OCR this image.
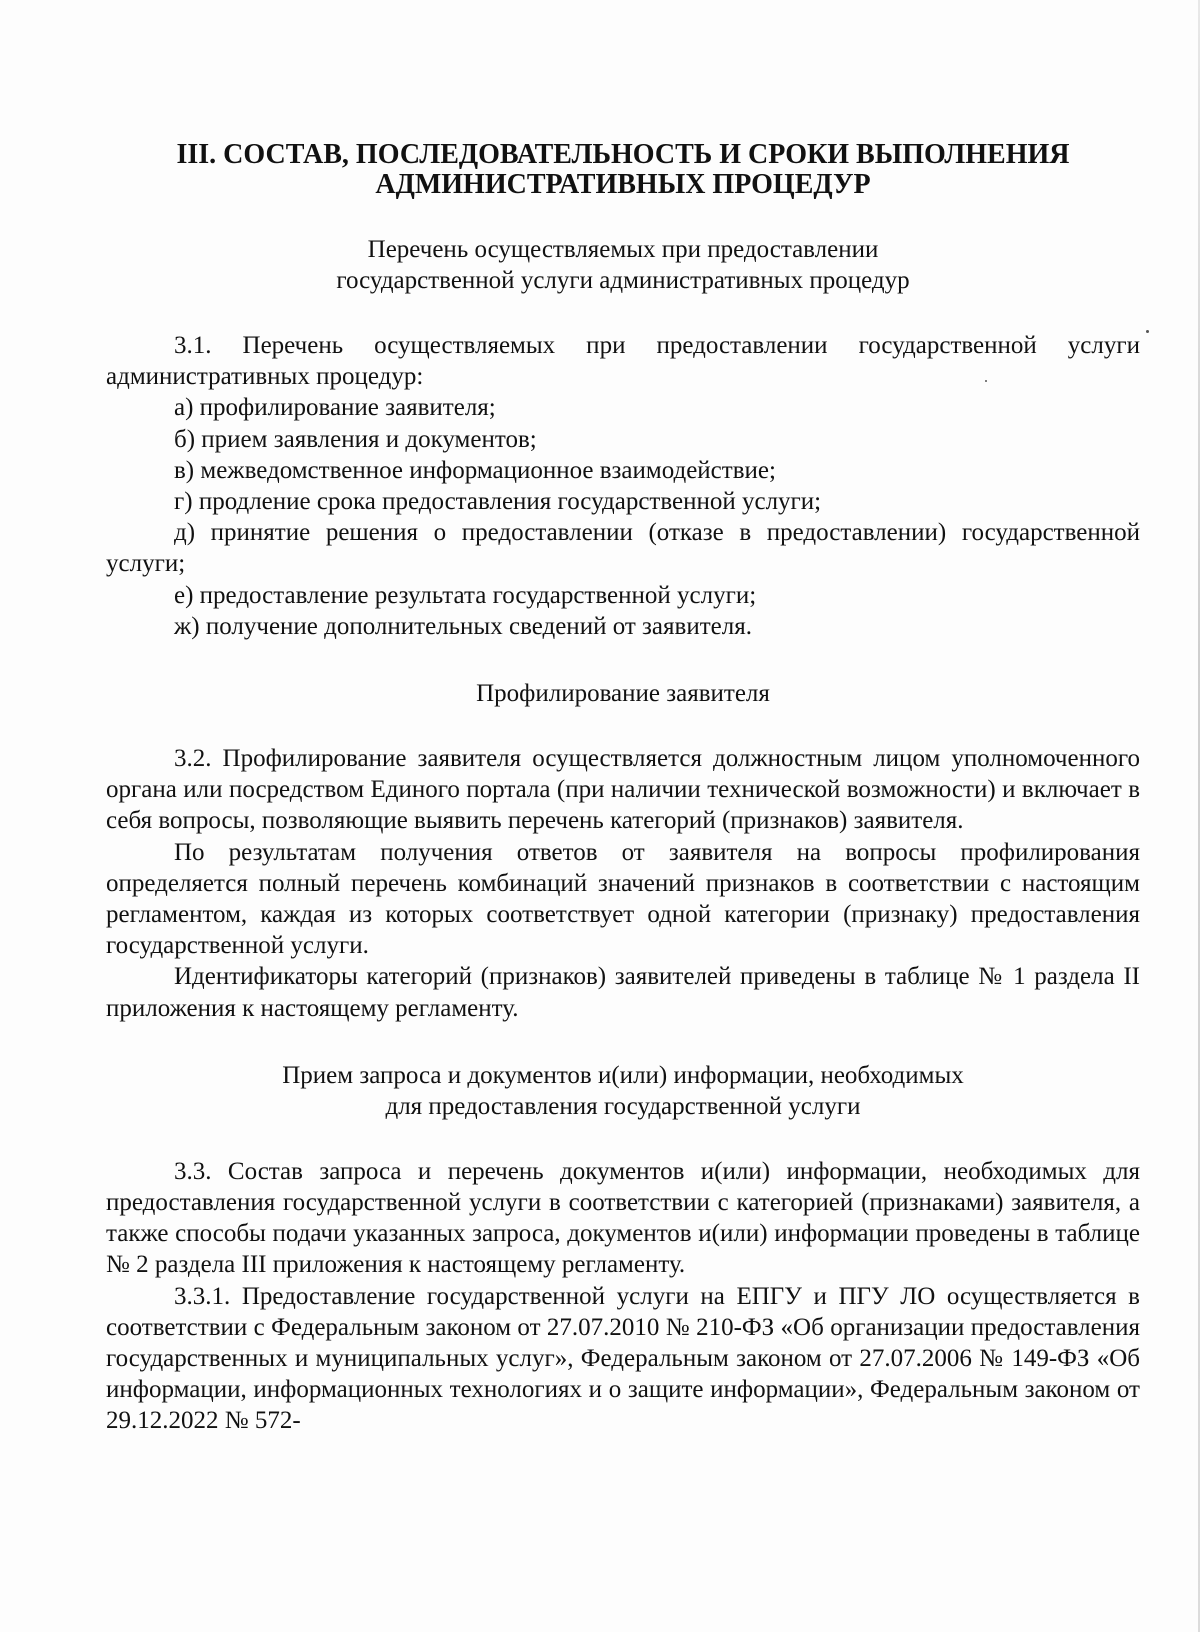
III. СОСТАВ, ПОСЛЕДОВАТЕЛЬНОСТЬ И СРОКИ ВЫПОЛНЕНИЯ
АДМИНИСТРАТИВНЫХ ПРОЦЕДУР
Перечень осуществляемых при предоставлении
государственной услуги административных процедур

3.1. Перечень осуществляемых при предоставлении государственной услуги административных процедур:

а) профилирование заявителя;

б) прием заявления и документов;

в) межведомственное информационное взаимодействие;

г) продление срока предоставления государственной услуги;

д) принятие решения о предоставлении (отказе в предоставлении) государственной услуги;

е) предоставление результата государственной услуги;

ж) получение дополнительных сведений от заявителя.

Профилирование заявителя

3.2. Профилирование заявителя осуществляется должностным лицом уполномоченного органа или посредством Единого портала (при наличии технической возможности) и включает в себя вопросы, позволяющие выявить перечень категорий (признаков) заявителя.

По результатам получения ответов от заявителя на вопросы профилирования определяется полный перечень комбинаций значений признаков в соответствии с настоящим регламентом, каждая из которых соответствует одной категории (признаку) предоставления государственной услуги.

Идентификаторы категорий (признаков) заявителей приведены в таблице № 1 раздела II приложения к настоящему регламенту.

Прием запроса и документов и(или) информации, необходимых
для предоставления государственной услуги

3.3. Состав запроса и перечень документов и(или) информации, необходимых для предоставления государственной услуги в соответствии с категорией (признаками) заявителя, а также способы подачи указанных запроса, документов и(или) информации проведены в таблице № 2 раздела III приложения к настоящему регламенту.

3.3.1. Предоставление государственной услуги на ЕПГУ и ПГУ ЛО осуществляется в соответствии с Федеральным законом от 27.07.2010 № 210-ФЗ «Об организации предоставления государственных и муниципальных услуг», Федеральным законом от 27.07.2006 № 149-ФЗ «Об информации, информационных технологиях и о защите информации», Федеральным законом от 29.12.2022 № 572-
